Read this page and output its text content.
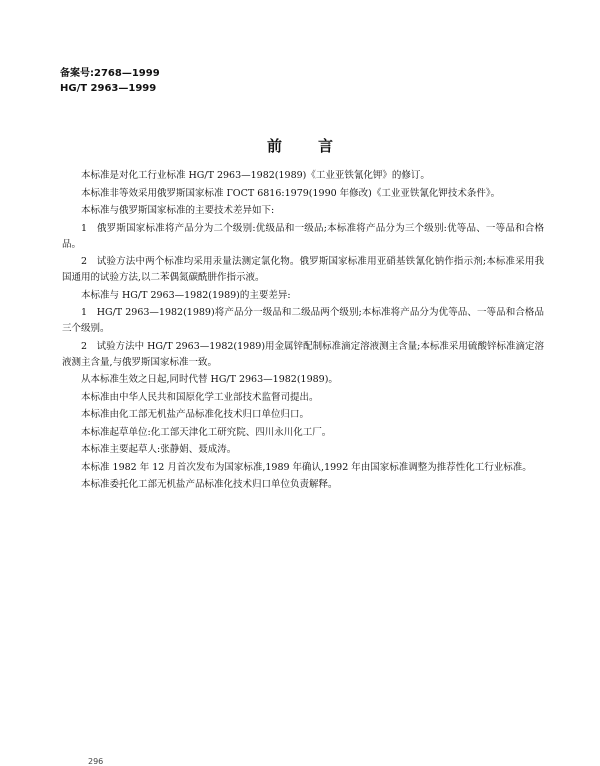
备案号:2768—1999
HG/T 2963—1999
前言

本标准是对化工行业标准 HG/T 2963—1982(1989)《工业亚铁氰化钾》的修订。

本标准非等效采用俄罗斯国家标准 ГОСТ 6816:1979(1990 年修改)《工业亚铁氰化钾技术条件》。

本标准与俄罗斯国家标准的主要技术差异如下:

1　俄罗斯国家标准将产品分为二个级别:优级品和一级品;本标准将产品分为三个级别:优等品、一等品和合格品。

2　试验方法中两个标准均采用汞量法测定氯化物。俄罗斯国家标准用亚硝基铁氰化钠作指示剂;本标准采用我国通用的试验方法,以二苯偶氮碳酰肼作指示液。

本标准与 HG/T 2963—1982(1989)的主要差异:

1　HG/T 2963—1982(1989)将产品分一级品和二级品两个级别;本标准将产品分为优等品、一等品和合格品三个级别。

2　试验方法中 HG/T 2963—1982(1989)用金属锌配制标准滴定溶液测主含量;本标准采用硫酸锌标准滴定溶液测主含量,与俄罗斯国家标准一致。

从本标准生效之日起,同时代替 HG/T 2963—1982(1989)。

本标准由中华人民共和国原化学工业部技术监督司提出。

本标准由化工部无机盐产品标准化技术归口单位归口。

本标准起草单位:化工部天津化工研究院、四川永川化工厂。

本标准主要起草人:张静娟、聂成涛。

本标准 1982 年 12 月首次发布为国家标准,1989 年确认,1992 年由国家标准调整为推荐性化工行业标准。

本标准委托化工部无机盐产品标准化技术归口单位负责解释。

296
